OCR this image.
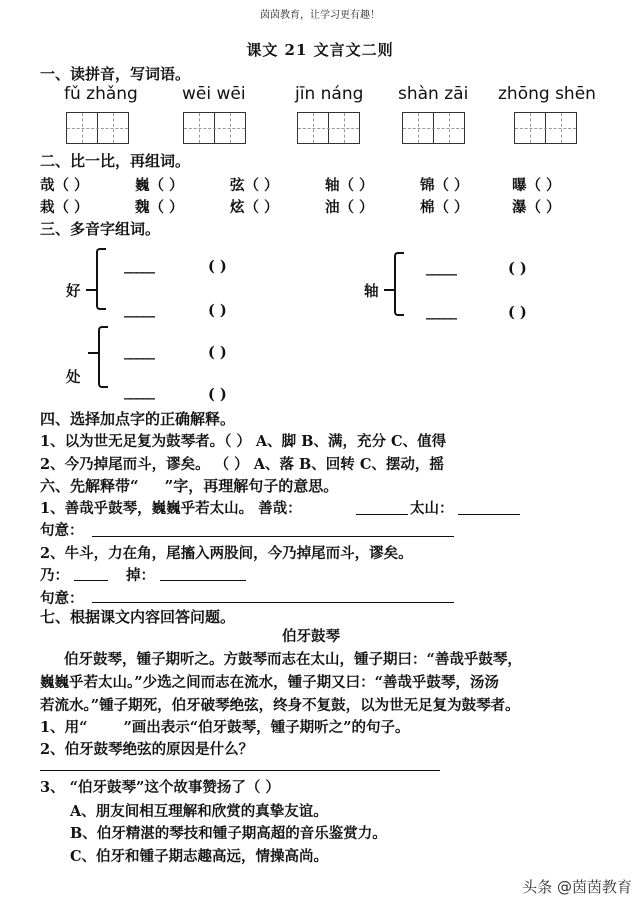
茵茵教育，让学习更有趣！
课文 21 文言文二则
一、读拼音，写词语。
fǔ zhǎng	wēi wēi	jīn náng shàn zāi zhōng shēn
二、比一比，再组词。
哉（ ）	巍（ ）	弦（ ）	轴（ ）	锦（ ）	曝（ ）
栽（ ）	魏（ ）	炫（ ）	油（ ）	棉（ ）	瀑（ ）
三、多音字组词。
好
_____	( )
_____	( )
轴
_____	( )
_____	( )
处
_____	( )
_____	( )
四、选择加点字的正确解释。
1、以为世无足复为鼓琴者。（ ） A、脚 B、满，充分 C、值得
2、今乃掉尾而斗，谬矣。 （ ） A、落 B、回转 C、摆动，摇
六、先解释带“ ”字，再理解句子的意思。
1、善哉乎鼓琴，巍巍乎若太山。 善哉：	太山：
句意：
2、牛斗，力在角，尾搐入两股间，今乃掉尾而斗，谬矣。
乃：	掉：
句意：
七、根据课文内容回答问题。
伯牙鼓琴
伯牙鼓琴，锺子期听之。方鼓琴而志在太山，锺子期曰：“善哉乎鼓琴，
巍巍乎若太山。”少选之间而志在流水，锺子期又曰：“善哉乎鼓琴，汤汤
若流水。”锺子期死，伯牙破琴绝弦，终身不复鼓，以为世无足复为鼓琴者。
1、用“ ”画出表示“伯牙鼓琴，锺子期听之”的句子。
2、伯牙鼓琴绝弦的原因是什么？
3、 “伯牙鼓琴”这个故事赞扬了（ ）
A、朋友间相互理解和欣赏的真挚友谊。
B、伯牙精湛的琴技和锺子期高超的音乐鉴赏力。
C、伯牙和锺子期志趣高远，情操高尚。
头条 @茵茵教育
